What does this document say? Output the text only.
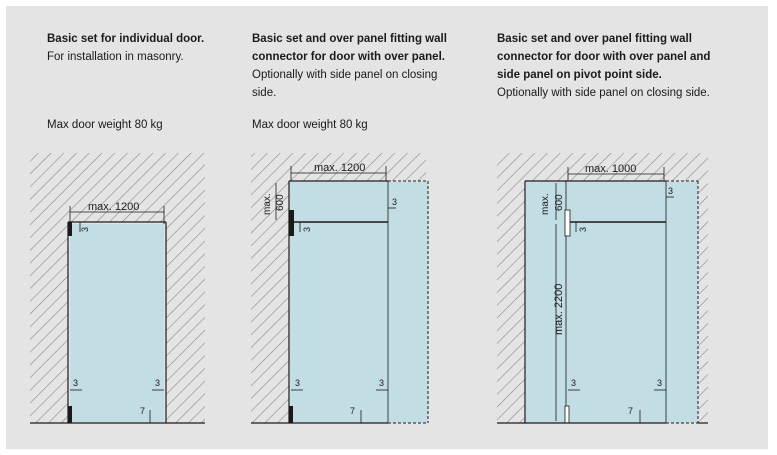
Basic set for individual door.
For installation in masonry.
Max door weight 80 kg
Basic set and over panel fitting wall
connector for door with over panel.
Optionally with side panel on closing
side.
Max door weight 80 kg
Basic set and over panel fitting wall
connector for door with over panel and
side panel on pivot point side.
Optionally with side panel on closing side.
max. 1200
3
3	3
7
max. 1200
max. 600
3
3
3	3
7
max. 1000
max. 600
max. 2200
3
3
3	3
7
